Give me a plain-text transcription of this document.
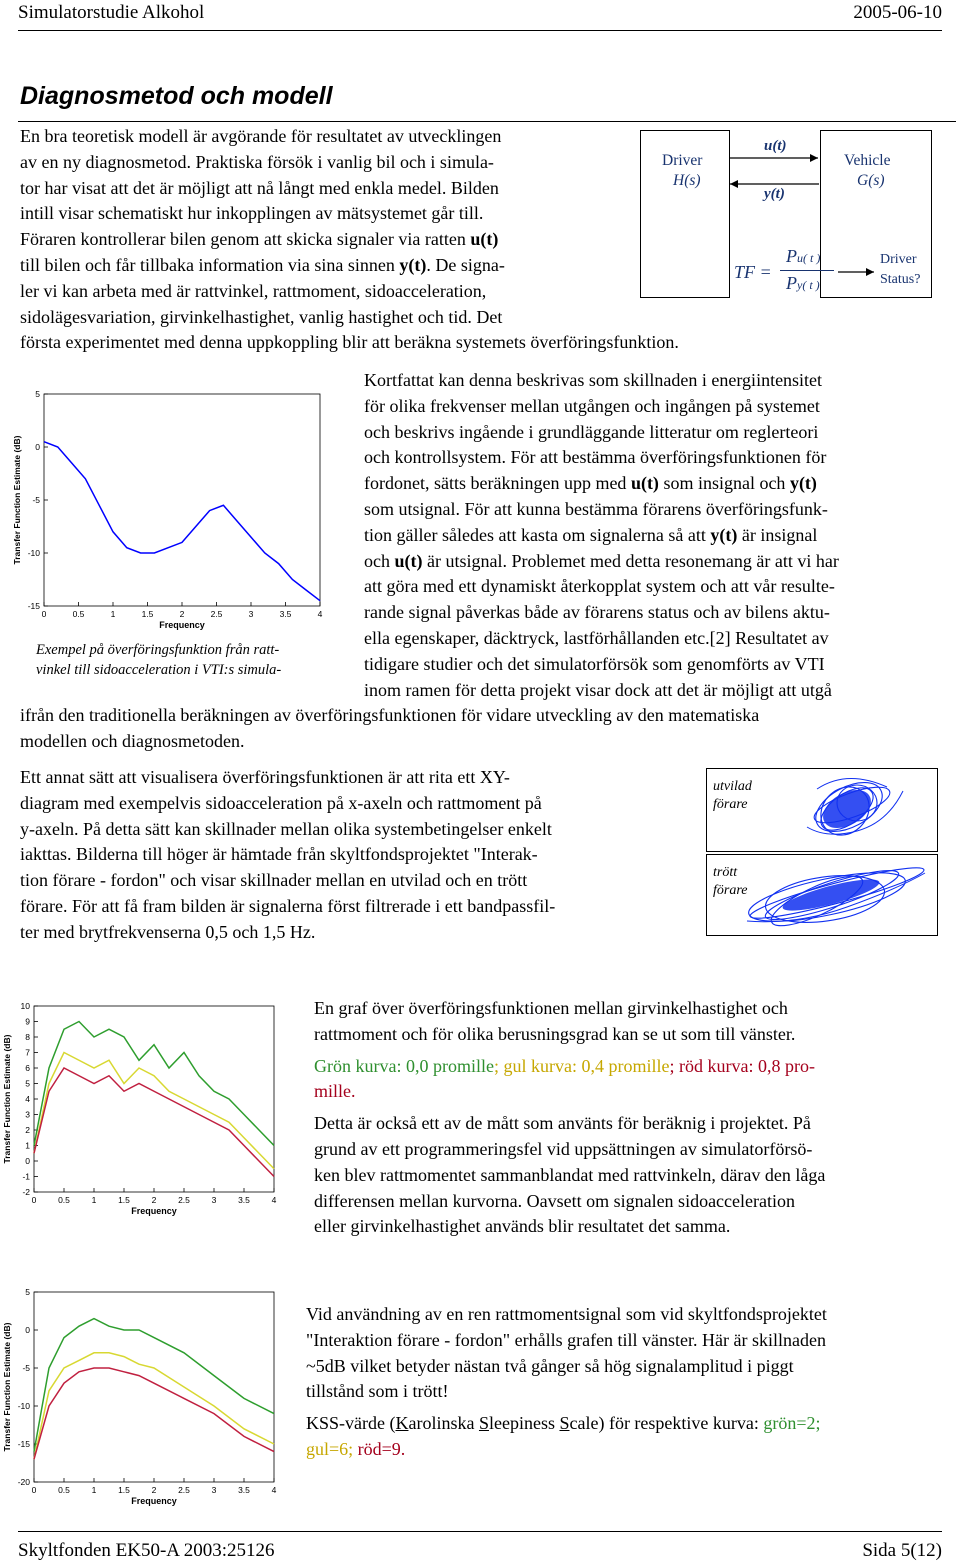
Simulatorstudie Alkohol	2005-06-10
Diagnosmetod och modell

En bra teoretisk modell är avgörande för resultatet av utvecklingen

av en ny diagnosmetod. Praktiska försök i vanlig bil och i simula-

tor har visat att det är möjligt att nå långt med enkla medel. Bilden

intill visar schematiskt hur inkopplingen av mätsystemet går till.

Föraren kontrollerar bilen genom att skicka signaler via ratten u(t)

till bilen och får tillbaka information via sina sinnen y(t). De signa-

ler vi kan arbeta med är rattvinkel, rattmoment, sidoacceleration,

sidolägesvariation, girvinkelhastighet, vanlig hastighet och tid. Det

första experimentet med denna uppkoppling blir att beräkna systemets överföringsfunktion.
Driver
H(s)
Vehicle
G(s)
u(t)
y(t)
TF =
Pu( t )
Py( t )
Driver
Status?
5
0
-5
-10
-15
0	0.5	1	1.5	2	2.5	3	3.5	4
Frequency
Transfer Function Estimate (dB)
Exempel på överföringsfunktion från ratt-
vinkel till sidoacceleration i VTI:s simula-

Kortfattat kan denna beskrivas som skillnaden i energiintensitet

för olika frekvenser mellan utgången och ingången på systemet

och beskrivs ingående i grundläggande litteratur om reglerteori

och kontrollsystem. För att bestämma överföringsfunktionen för

fordonet, sätts beräkningen upp med u(t) som insignal och y(t)

som utsignal. För att kunna bestämma förarens överföringsfunk-

tion gäller således att kasta om signalerna så att y(t) är insignal

och u(t) är utsignal. Problemet med detta resonemang är att vi har

att göra med ett dynamiskt återkopplat system och att vår resulte-

rande signal påverkas både av förarens status och av bilens aktu-

ella egenskaper, däcktryck, lastförhållanden etc.[2] Resultatet av

tidigare studier och det simulatorförsök som genomförts av VTI

inom ramen för detta projekt visar dock att det är möjligt att utgå

ifrån den traditionella beräkningen av överföringsfunktionen för vidare utveckling av den matematiska

modellen och diagnosmetoden.

Ett annat sätt att visualisera överföringsfunktionen är att rita ett XY-

diagram med exempelvis sidoacceleration på x-axeln och rattmoment på

y-axeln. På detta sätt kan skillnader mellan olika systembetingelser enkelt

iakttas. Bilderna till höger är hämtade från skyltfondsprojektet "Interak-

tion förare - fordon" och visar skillnader mellan en utvilad och en trött

förare. För att få fram bilden är signalerna först filtrerade i ett bandpassfil-

ter med brytfrekvenserna 0,5 och 1,5 Hz.

utvilad
förare
trött
förare
10
9
8
7
6
5
4
3
2
1
0
-1
-2
0	0.5	1	1.5	2	2.5	3	3.5	4
Frequency
Transfer Function Estimate (dB)

En graf över överföringsfunktionen mellan girvinkelhastighet och

rattmoment och för olika berusningsgrad kan se ut som till vänster.

Grön kurva: 0,0 promille; gul kurva: 0,4 promille; röd kurva: 0,8 pro-

mille.

Detta är också ett av de mått som använts för beräknig i projektet. På

grund av ett programmeringsfel vid uppsättningen av simulatorförsö-

ken blev rattmomentet sammanblandat med rattvinkeln, därav den låga

differensen mellan kurvorna. Oavsett om signalen sidoacceleration

eller girvinkelhastighet används blir resultatet det samma.

5
0
-5
-10
-15
-20
0	0.5	1	1.5	2	2.5	3	3.5	4
Frequency
Transfer Function Estimate (dB)

Vid användning av en ren rattmomentsignal som vid skyltfondsprojektet

"Interaktion förare - fordon" erhålls grafen till vänster. Här är skillnaden

~5dB vilket betyder nästan två gånger så hög signalamplitud i piggt

tillstånd som i trött!

KSS-värde (Karolinska Sleepiness Scale) för respektive kurva: grön=2;

gul=6; röd=9.

Skyltfonden EK50-A 2003:25126	Sida 5(12)
